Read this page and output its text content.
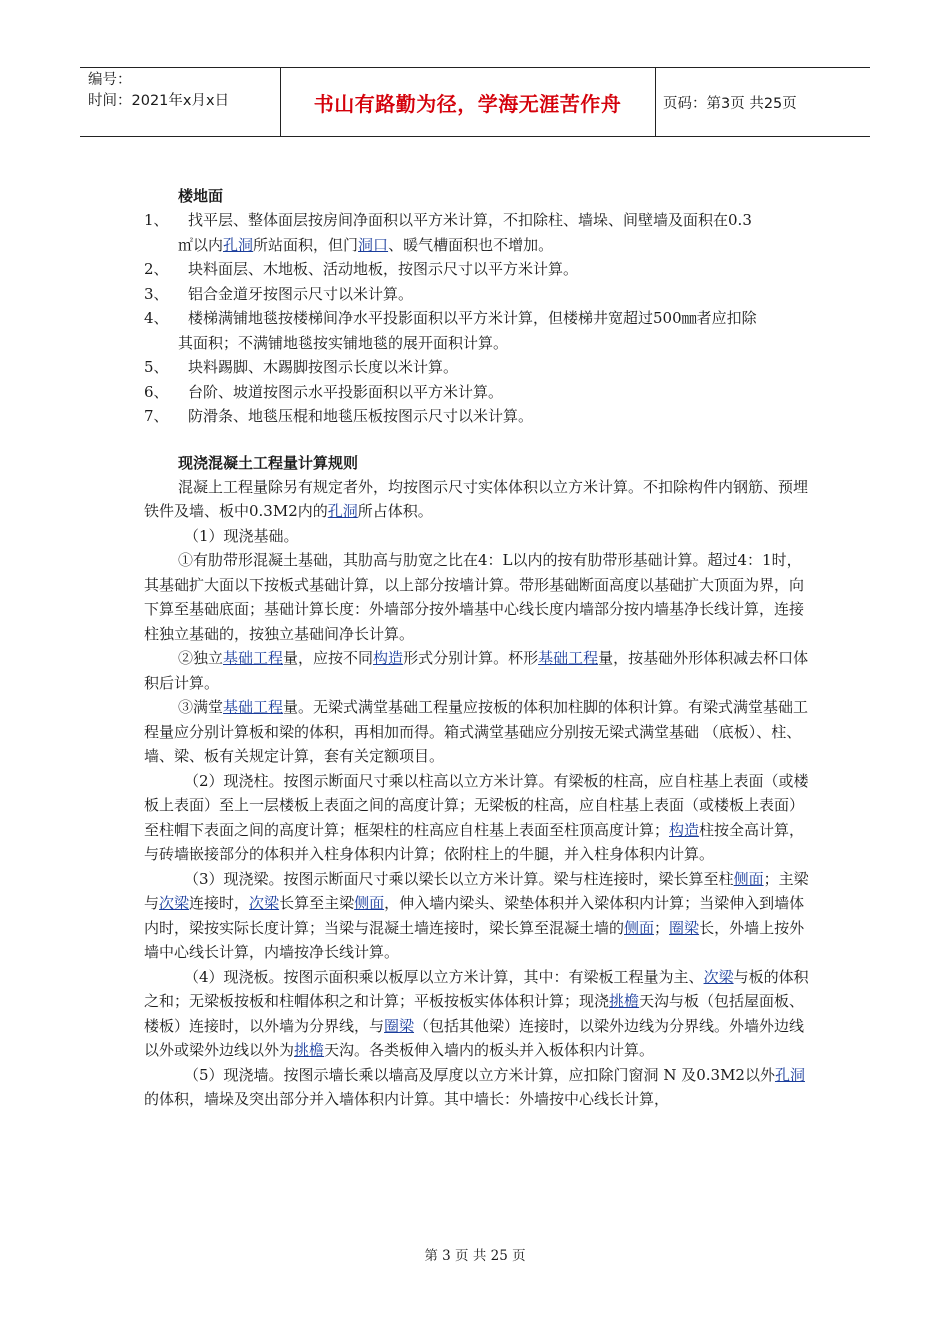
编号：
时间：2021年x月x日	书山有路勤为径，学海无涯苦作舟	页码：第3页 共25页

楼地面

1、 找平层、整体面层按房间净面积以平方米计算，不扣除柱、墙垛、间壁墙及面积在0.3

㎡以内孔洞所站面积，但门洞口、暖气槽面积也不增加。

2、 块料面层、木地板、活动地板，按图示尺寸以平方米计算。

3、 铝合金道牙按图示尺寸以米计算。

4、 楼梯满铺地毯按楼梯间净水平投影面积以平方米计算，但楼梯井宽超过500㎜者应扣除

其面积；不满铺地毯按实铺地毯的展开面积计算。

5、 块料踢脚、木踢脚按图示长度以米计算。

6、 台阶、坡道按图示水平投影面积以平方米计算。

7、 防滑条、地毯压棍和地毯压板按图示尺寸以米计算。

现浇混凝土工程量计算规则

混凝上工程量除另有规定者外，均按图示尺寸实体体积以立方米计算。不扣除构件内钢筋、预埋铁件及墙、板中0.3M2内的孔洞所占体积。

（1）现浇基础。

①有肋带形混凝土基础，其肋高与肋宽之比在4：L以内的按有肋带形基础计算。超过4：1时，其基础扩大面以下按板式基础计算，以上部分按墙计算。带形基础断面高度以基础扩大顶面为界，向下算至基础底面；基础计算长度：外墙部分按外墙基中心线长度内墙部分按内墙基净长线计算，连接柱独立基础的，按独立基础间净长计算。

②独立基础工程量，应按不同构造形式分别计算。杯形基础工程量，按基础外形体积减去杯口体积后计算。

③满堂基础工程量。无梁式满堂基础工程量应按板的体积加柱脚的体积计算。有梁式满堂基础工程量应分别计算板和梁的体积，再相加而得。箱式满堂基础应分别按无梁式满堂基础 （底板）、柱、墙、梁、板有关规定计算，套有关定额项目。

（2）现浇柱。按图示断面尺寸乘以柱高以立方米计算。有梁板的柱高，应自柱基上表面（或楼板上表面）至上一层楼板上表面之间的高度计算；无梁板的柱高，应自柱基上表面（或楼板上表面）至柱帽下表面之间的高度计算；框架柱的柱高应自柱基上表面至柱顶高度计算；构造柱按全高计算，与砖墙嵌接部分的体积并入柱身体积内计算；依附柱上的牛腿，并入柱身体积内计算。

（3）现浇梁。按图示断面尺寸乘以梁长以立方米计算。梁与柱连接时，梁长算至柱侧面；主梁与次梁连接时，次梁长算至主梁侧面，伸入墙内梁头、梁垫体积并入梁体积内计算；当梁伸入到墙体内时，梁按实际长度计算；当梁与混凝土墙连接时，梁长算至混凝土墙的侧面；圈梁长，外墙上按外墙中心线长计算，内墙按净长线计算。

（4）现浇板。按图示面积乘以板厚以立方米计算，其中：有梁板工程量为主、次梁与板的体积之和；无梁板按板和柱帽体积之和计算；平板按板实体体积计算；现浇挑檐天沟与板（包括屋面板、楼板）连接时，以外墙为分界线，与圈梁（包括其他梁）连接时，以梁外边线为分界线。外墙外边线以外或梁外边线以外为挑檐天沟。各类板伸入墙内的板头并入板体积内计算。

（5）现浇墙。按图示墙长乘以墙高及厚度以立方米计算，应扣除门窗洞 N 及0.3M2以外孔洞的体积，墙垛及突出部分并入墙体积内计算。其中墙长：外墙按中心线长计算，

第 3 页 共 25 页
